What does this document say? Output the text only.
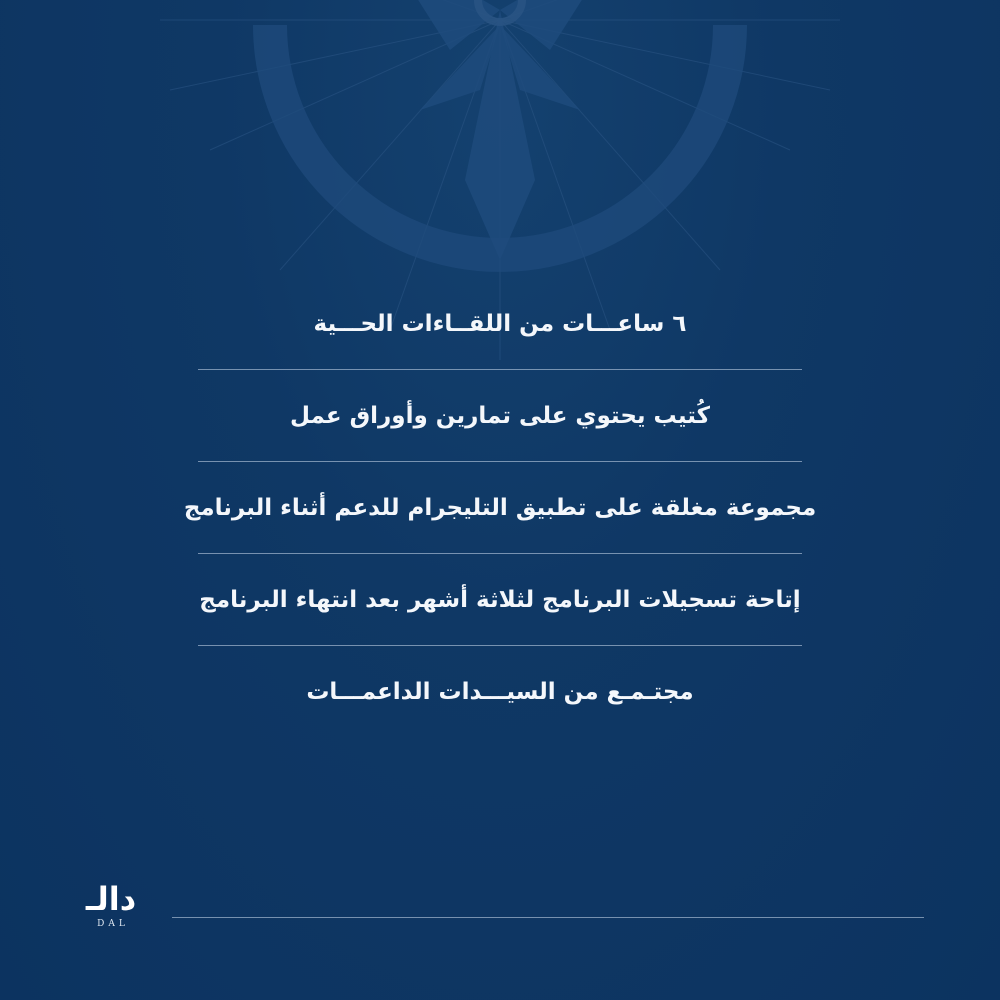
٦ ساعـــات من اللقــاءات الحـــية
كُتيب يحتوي على تمارين وأوراق عمل
مجموعة مغلقة على تطبيق التليجرام للدعم أثناء البرنامج
إتاحة تسجيلات البرنامج لثلاثة أشهر بعد انتهاء البرنامج
مجتـمـع من السيـــدات الداعمـــات
دالـ
DAL
